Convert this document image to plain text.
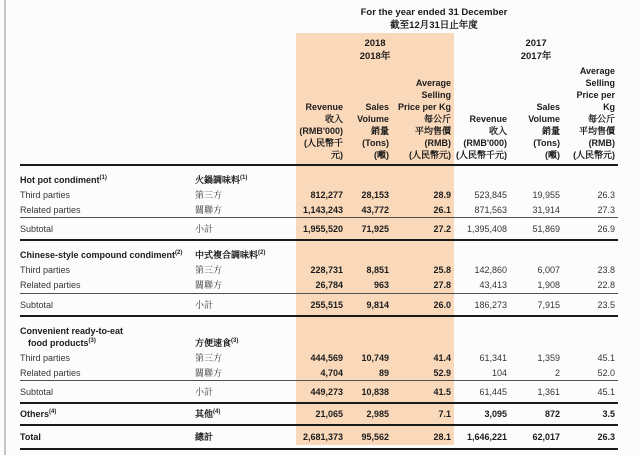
For the year ended 31 December
截至12月31日止年度

2018
2018年

2017
2017年

Revenue
收入
(RMB'000)
(人民幣千元)

Sales
Volume
銷量
(Tons)
(噸)

Average
Selling
Price per Kg
每公斤
平均售價
(RMB)
(人民幣元)

Revenue
收入
(RMB'000)
(人民幣千元)

Sales
Volume
銷量
(Tons)
(噸)

Average
Selling
Price per Kg
每公斤
平均售價
(RMB)
(人民幣元)

Hot pot condiment$^{(1)}$	火鍋調味料$^{(1)}$						
Third parties	第三方	812,277	28,153	28.9	523,845	19,955	26.3
Related parties	關聯方	1,143,243	43,772	26.1	871,563	31,914	27.3
Subtotal	小計	1,955,520	71,925	27.2	1,395,408	51,869	26.9
Chinese-style compound condiment$^{(2)}$	中式複合調味料$^{(2)}$						
Third parties	第三方	228,731	8,851	25.8	142,860	6,007	23.8
Related parties	關聯方	26,784	963	27.8	43,413	1,908	22.8
Subtotal	小計	255,515	9,814	26.0	186,273	7,915	23.5
Convenient ready-to-eat
food products$^{(3)}$	方便速食$^{(3)}$						
Third parties	第三方	444,569	10,749	41.4	61,341	1,359	45.1
Related parties	關聯方	4,704	89	52.9	104	2	52.0
Subtotal	小計	449,273	10,838	41.5	61,445	1,361	45.1
Others$^{(4)}$	其他$^{(4)}$	21,065	2,985	7.1	3,095	872	3.5
Total	總計	2,681,373	95,562	28.1	1,646,221	62,017	26.3
